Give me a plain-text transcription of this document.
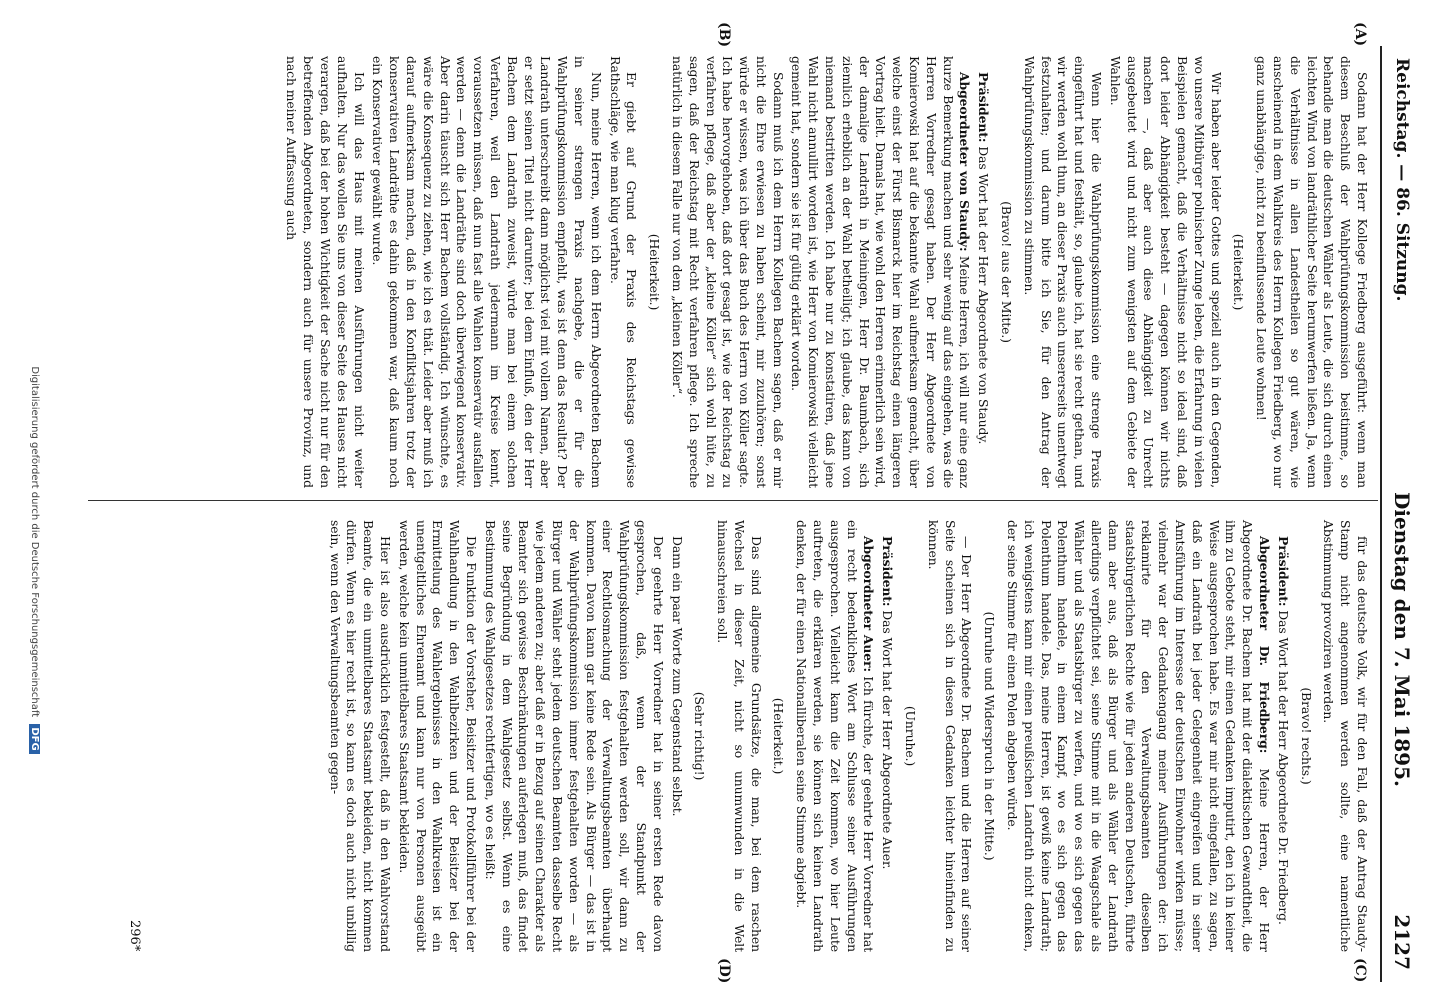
Reichstag. — 86. Sitzung.
Dienstag den 7. Mai 1895.
2127
(A)
(B)
(C)
(D)

Sodann hat der Herr Kollege Friedberg ausgeführt: wenn man diesem Beschluß der Wahlprüfungskommission beistimme, so behandle man die deutschen Wähler als Leute, die sich durch einen leichten Wind von landräthlicher Seite herumwerfen ließen. Ja, wenn die Verhältnisse in allen Landestheilen so gut wären, wie anscheinend in dem Wahlkreis des Herrn Kollegen Friedberg, wo nur ganz unabhängige, nicht zu beeinflussende Leute wohnen!

(Heiterkeit.)

Wir haben aber leider Gottes und speziell auch in den Gegenden, wo unsere Mitbürger polnischer Zunge leben, die Erfahrung in vielen Beispielen gemacht, daß die Verhältnisse nicht so ideal sind, daß dort leider Abhängigkeit besteht — dagegen können wir nichts machen —, daß aber auch diese Abhängigkeit zu Unrecht ausgebeutet wird und nicht zum wenigsten auf dem Gebiete der Wahlen.

Wenn hier die Wahlprüfungskommission eine strenge Praxis eingeführt hat und festhält, so, glaube ich, hat sie recht gethan, und wir werden wohl thun, an dieser Praxis auch unsererseits unentwegt festzuhalten; und darum bitte ich Sie, für den Antrag der Wahlprüfungskommission zu stimmen.

(Bravo! aus der Mitte.)

Präsident: Das Wort hat der Herr Abgeordnete von Staudy.

Abgeordneter von Staudy: Meine Herren, ich will nur eine ganz kurze Bemerkung machen und sehr wenig auf das eingehen, was die Herren Vorredner gesagt haben. Der Herr Abgeordnete von Komierowski hat auf die bekannte Wahl aufmerksam gemacht, über welche einst der Fürst Bismarck hier im Reichstag einen längeren Vortrag hielt. Damals hat, wie wohl den Herren erinnerlich sein wird, der damalige Landrath in Meiningen, Herr Dr. Baumbach, sich ziemlich erheblich an der Wahl betheiligt; ich glaube, das kann von niemand bestritten werden. Ich habe nur zu konstatiren, daß jene Wahl nicht annullirt worden ist, wie Herr von Komierowski vielleicht gemeint hat, sondern sie ist für gültig erklärt worden.

Sodann muß ich dem Herrn Kollegen Bachem sagen, daß er mir nicht die Ehre erwiesen zu haben scheint, mir zuzuhören; sonst würde er wissen, was ich über das Buch des Herrn von Köller sagte. Ich habe hervorgehoben, daß dort gesagt ist, wie der Reichstag zu verfahren pflege, daß aber der „kleine Köller“ sich wohl hüte, zu sagen, daß der Reichstag mit Recht verfahren pflege. Ich spreche natürlich in diesem Falle nur von dem „kleinen Köller“.

(Heiterkeit.)

Er giebt auf Grund der Praxis des Reichstags gewisse Rathschläge, wie man klug verfahre.

Nun, meine Herren, wenn ich dem Herrn Abgeordneten Bachem in seiner strengen Praxis nachgebe, die er für die Wahlprüfungskommission empfiehlt, was ist denn das Resultat? Der Landrath unterschreibt dann möglichst viel mit vollem Namen, aber er setzt seinen Titel nicht darunter; bei dem Einfluß, den der Herr Bachem dem Landrath zuweist, würde man bei einem solchen Verfahren, weil den Landrath jedermann im Kreise kennt, voraussetzen müssen, daß nun fast alle Wahlen konservativ ausfallen werden — denn die Landräthe sind doch überwiegend konservativ. Aber darin täuscht sich Herr Bachem vollständig. Ich wünschte, es wäre die Konsequenz zu ziehen, wie ich es thät. Leider aber muß ich darauf aufmerksam machen, daß in den Konfliktsjahren trotz der konservativen Landräthe es dahin gekommen war, daß kaum noch ein Konservativer gewählt wurde.

Ich will das Haus mit meinen Ausführungen nicht weiter aufhalten. Nur das wollen Sie uns von dieser Seite des Hauses nicht verargen, daß bei der hohen Wichtigkeit der Sache nicht nur für den betreffenden Abgeordneten, sondern auch für unsere Provinz, und nach meiner Auffassung auch

für das deutsche Volk, wir für den Fall, daß der Antrag Staudy-Stamp nicht angenommen werden sollte, eine namentliche Abstimmung provoziren werden.

(Bravo! rechts.)

Präsident: Das Wort hat der Herr Abgeordnete Dr. Friedberg.

Abgeordneter Dr. Friedberg: Meine Herren, der Herr Abgeordnete Dr. Bachem hat mit der dialektischen Gewandtheit, die ihm zu Gebote steht, mir einen Gedanken imputirt, den ich in keiner Weise ausgesprochen habe. Es war mir nicht eingefallen, zu sagen, daß ein Landrath bei jeder Gelegenheit eingreifen und in seiner Amtsführung im Interesse der deutschen Einwohner wirken müsse; vielmehr war der Gedankengang meiner Ausführungen der: ich reklamirte für den Verwaltungsbeamten dieselben staatsbürgerlichen Rechte wie für jeden anderen Deutschen, führte dann aber aus, daß als Bürger und als Wähler der Landrath allerdings verpflichtet sei, seine Stimme mit in die Waagschale als Wähler und als Staatsbürger zu werfen, und wo es sich gegen das Polenthum handele, in einem Kampf, wo es sich gegen das Polenthum handele. Das, meine Herren, ist gewiß keine Landrath; ich wenigstens kann mir einen preußischen Landrath nicht denken, der seine Stimme für einen Polen abgeben würde.

(Unruhe und Widerspruch in der Mitte.)

— Der Herr Abgeordnete Dr. Bachem und die Herren auf seiner Seite scheinen sich in diesen Gedanken leichter hineinfinden zu können.

(Unruhe.)

Präsident: Das Wort hat der Herr Abgeordnete Auer.

Abgeordneter Auer: Ich fürchte, der geehrte Herr Vorredner hat ein recht bedenkliches Wort am Schlusse seiner Ausführungen ausgesprochen. Vielleicht kann die Zeit kommen, wo hier Leute auftreten, die erklären werden, sie können sich keinen Landrath denken, der für einen Nationalliberalen seine Stimme abgiebt.

(Heiterkeit.)

Das sind allgemeine Grundsätze, die man, bei dem raschen Wechsel in dieser Zeit, nicht so unumwunden in die Welt hinausschreien soll.

(Sehr richtig!)

Dann ein paar Worte zum Gegenstand selbst.

Der geehrte Herr Vorredner hat in seiner ersten Rede davon gesprochen, daß, wenn der Standpunkt der Wahlprüfungskommission festgehalten werden soll, wir dann zu einer Rechtlosmachung der Verwaltungsbeamten überhaupt kommen. Davon kann gar keine Rede sein. Als Bürger — das ist in der Wahlprüfungskommission immer festgehalten worden — als Bürger und Wähler steht jedem deutschen Beamten dasselbe Recht wie jedem anderen zu; aber daß er in Bezug auf seinen Charakter als Beamter sich gewisse Beschränkungen auferlegen muß, das findet seine Begründung in dem Wahlgesetz selbst. Wenn es eine Bestimmung des Wahlgesetzes rechtfertigen, wo es heißt:

Die Funktion der Vorsteher, Beisitzer und Protokollführer bei der Wahlhandlung in den Wahlbezirken und der Beisitzer bei der Ermittelung des Wahlergebnisses in den Wahlkreisen ist ein unentgeltliches Ehrenamt und kann nur von Personen ausgeübt werden, welche kein unmittelbares Staatsamt bekleiden.

Hier ist also ausdrücklich festgestellt, daß in den Wahlvorstand Beamte, die ein unmittelbares Staatsamt bekleiden, nicht kommen dürfen. Wenn es hier recht ist, so kann es doch auch nicht unbillig sein, wenn den Verwaltungsbeamten gegen-

296*
Digitalisierung gefördert durch die Deutsche Forschungsgemeinschaft DFG
